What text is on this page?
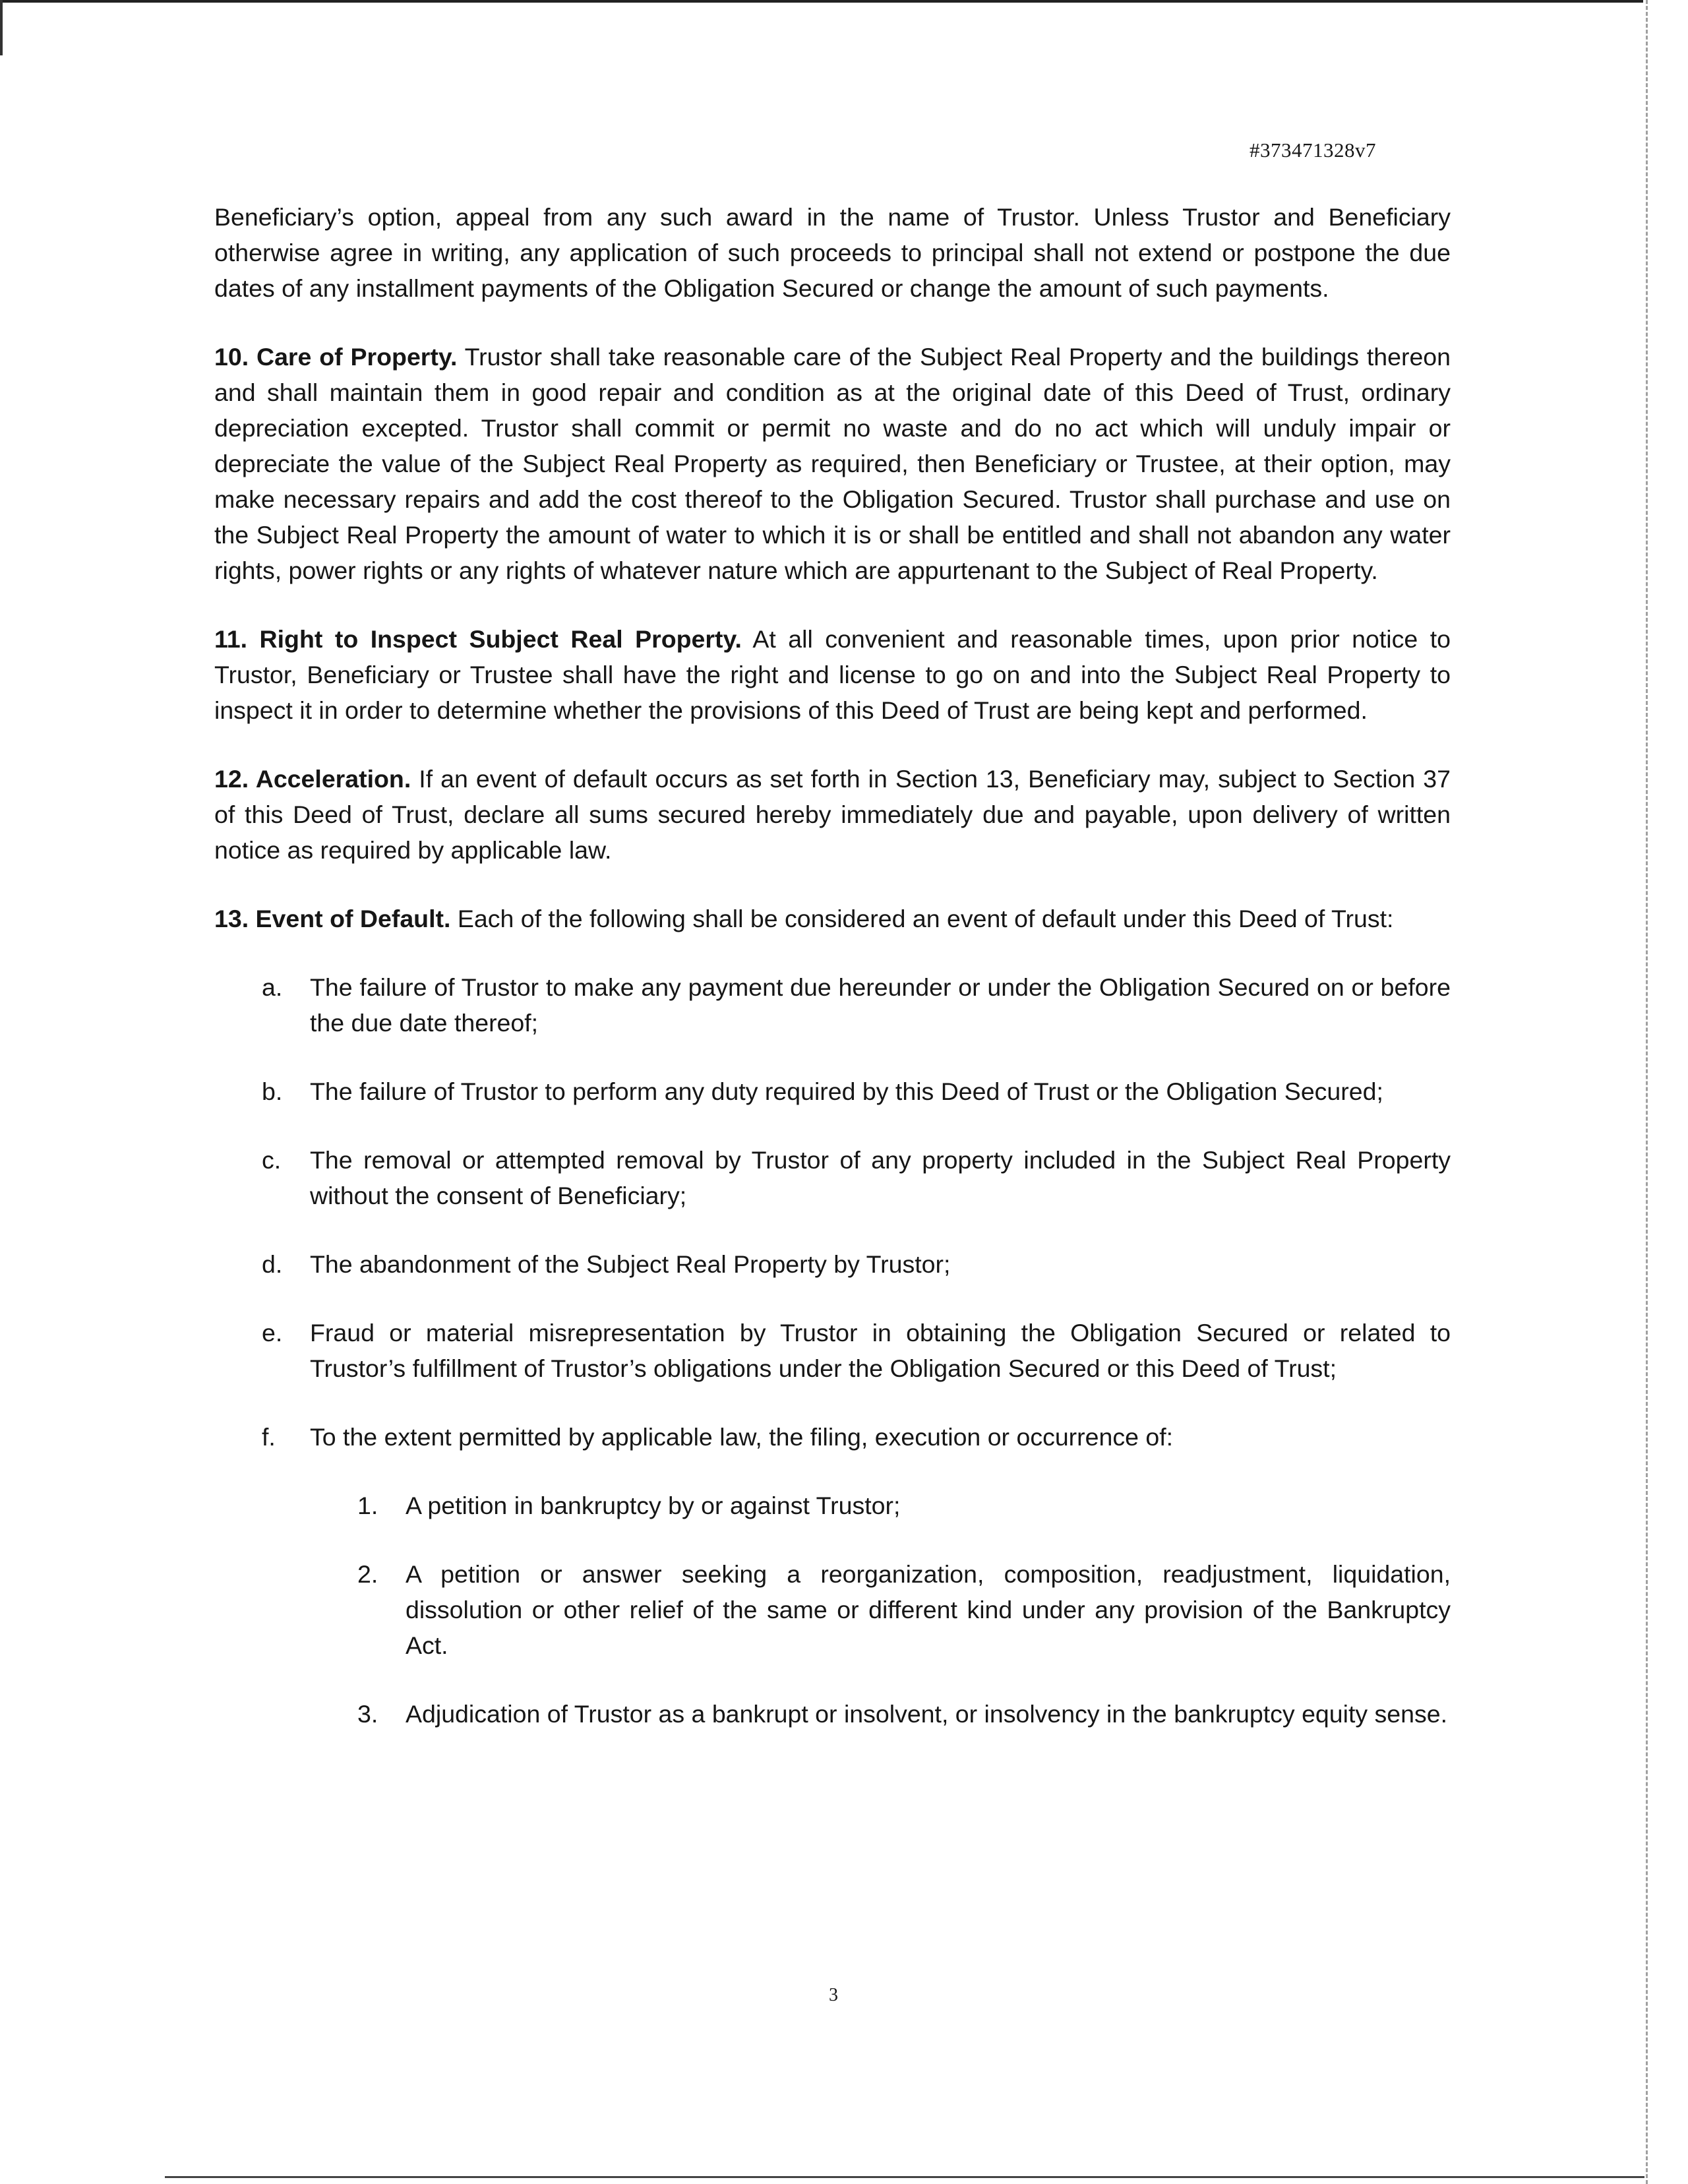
#373471328v7

Beneficiary’s option, appeal from any such award in the name of Trustor. Unless Trustor and Beneficiary otherwise agree in writing, any application of such proceeds to principal shall not extend or postpone the due dates of any installment payments of the Obligation Secured or change the amount of such payments.

10. Care of Property. Trustor shall take reasonable care of the Subject Real Property and the buildings thereon and shall maintain them in good repair and condition as at the original date of this Deed of Trust, ordinary depreciation excepted. Trustor shall commit or permit no waste and do no act which will unduly impair or depreciate the value of the Subject Real Property as required, then Beneficiary or Trustee, at their option, may make necessary repairs and add the cost thereof to the Obligation Secured. Trustor shall purchase and use on the Subject Real Property the amount of water to which it is or shall be entitled and shall not abandon any water rights, power rights or any rights of whatever nature which are appurtenant to the Subject of Real Property.

11. Right to Inspect Subject Real Property. At all convenient and reasonable times, upon prior notice to Trustor, Beneficiary or Trustee shall have the right and license to go on and into the Subject Real Property to inspect it in order to determine whether the provisions of this Deed of Trust are being kept and performed.

12. Acceleration. If an event of default occurs as set forth in Section 13, Beneficiary may, subject to Section 37 of this Deed of Trust, declare all sums secured hereby immediately due and payable, upon delivery of written notice as required by applicable law.

13. Event of Default. Each of the following shall be considered an event of default under this Deed of Trust:

a. The failure of Trustor to make any payment due hereunder or under the Obligation Secured on or before the due date thereof;
b. The failure of Trustor to perform any duty required by this Deed of Trust or the Obligation Secured;
c. The removal or attempted removal by Trustor of any property included in the Subject Real Property without the consent of Beneficiary;
d. The abandonment of the Subject Real Property by Trustor;
e. Fraud or material misrepresentation by Trustor in obtaining the Obligation Secured or related to Trustor’s fulfillment of Trustor’s obligations under the Obligation Secured or this Deed of Trust;
f. To the extent permitted by applicable law, the filing, execution or occurrence of:
1. A petition in bankruptcy by or against Trustor;
2. A petition or answer seeking a reorganization, composition, readjustment, liquidation, dissolution or other relief of the same or different kind under any provision of the Bankruptcy Act.
3. Adjudication of Trustor as a bankrupt or insolvent, or insolvency in the bankruptcy equity sense.
3
